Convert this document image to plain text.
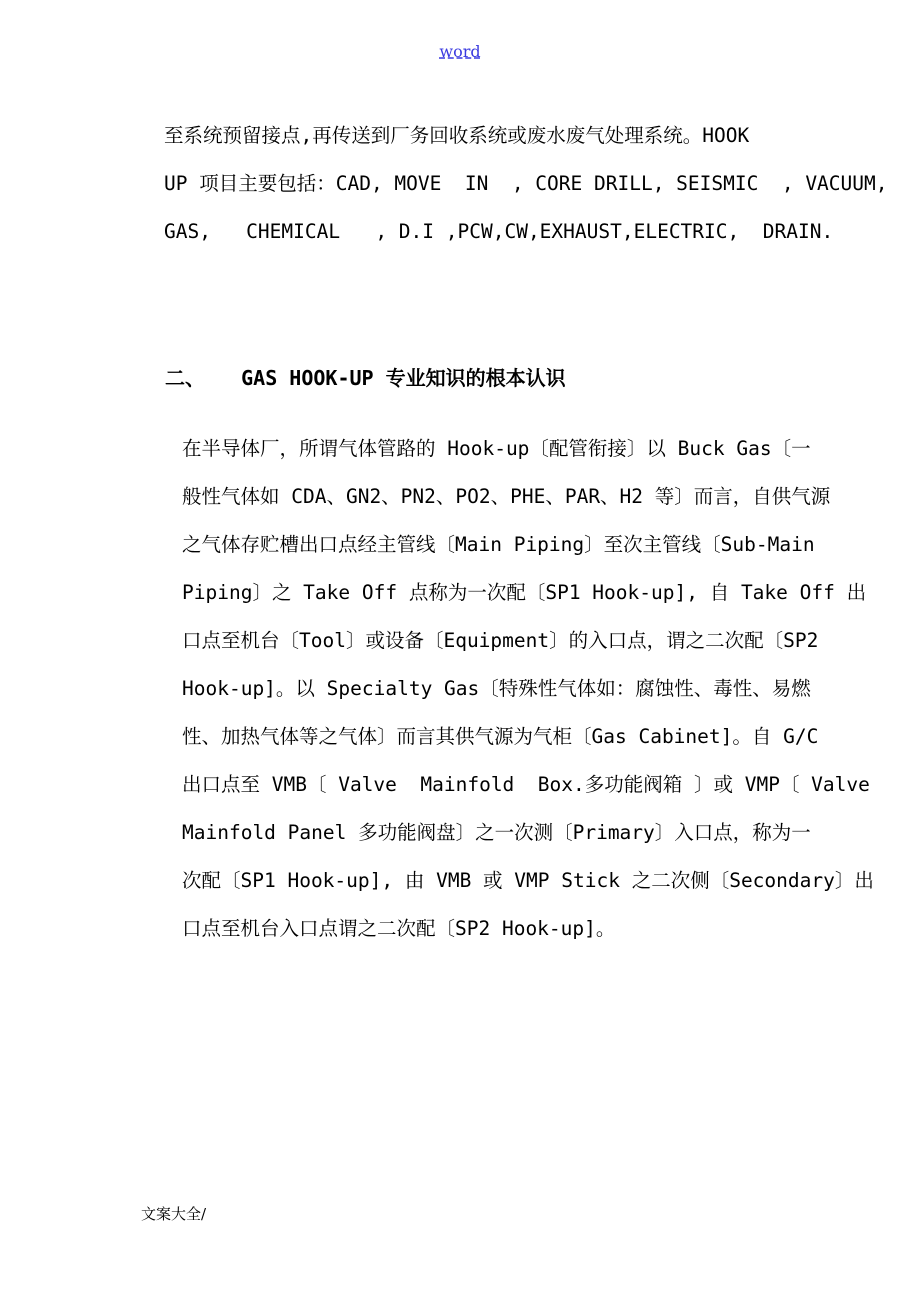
word
至系统预留接点,再传送到厂务回收系统或废水废气处理系统。HOOK
UP 项目主要包括：CAD, MOVE  IN  , CORE DRILL, SEISMIC  , VACUUM,
GAS,   CHEMICAL   , D.I ,PCW,CW,EXHAUST,ELECTRIC,  DRAIN.
二、   GAS HOOK-UP 专业知识的根本认识
在半导体厂，所谓气体管路的 Hook-up〔配管衔接〕以 Buck Gas〔一
般性气体如 CDA、GN2、PN2、PO2、PHE、PAR、H2 等〕而言，自供气源
之气体存贮槽出口点经主管线〔Main Piping〕至次主管线〔Sub-Main
Piping〕之 Take Off 点称为一次配〔SP1 Hook-up], 自 Take Off 出
口点至机台〔Tool〕或设备〔Equipment〕的入口点，谓之二次配〔SP2
Hook-up]。以 Specialty Gas〔特殊性气体如：腐蚀性、毒性、易燃
性、加热气体等之气体〕而言其供气源为气柜〔Gas Cabinet]。自 G/C
出口点至 VMB〔 Valve  Mainfold  Box.多功能阀箱 〕或 VMP〔 Valve
Mainfold Panel 多功能阀盘〕之一次测〔Primary〕入口点，称为一
次配〔SP1 Hook-up], 由 VMB 或 VMP Stick 之二次侧〔Secondary〕出
口点至机台入口点谓之二次配〔SP2 Hook-up]。
文案大全/
